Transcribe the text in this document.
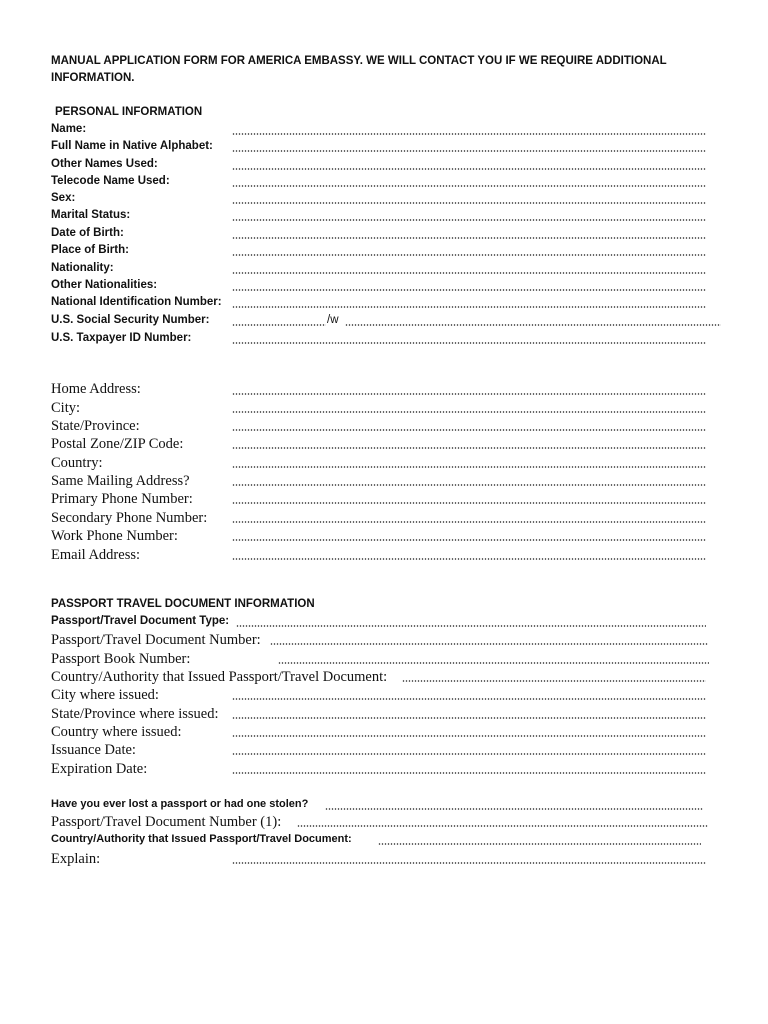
MANUAL APPLICATION FORM FOR AMERICA EMBASSY. WE WILL CONTACT YOU IF WE REQUIRE ADDITIONAL
INFORMATION.
PERSONAL INFORMATION
Name:
Full Name in Native Alphabet:
Other Names Used:
Telecode Name Used:
Sex:
Marital Status:
Date of Birth:
Place of Birth:
Nationality:
Other Nationalities:
National Identification Number:
U.S. Social Security Number:	/w
U.S. Taxpayer ID Number:
Home Address:
City:
State/Province:
Postal Zone/ZIP Code:
Country:
Same Mailing Address?
Primary Phone Number:
Secondary Phone Number:
Work Phone Number:
Email Address:
PASSPORT TRAVEL DOCUMENT INFORMATION
Passport/Travel Document Type:
Passport/Travel Document Number:
Passport Book Number:
Country/Authority that Issued Passport/Travel Document:
City where issued:
State/Province where issued:
Country where issued:
Issuance Date:
Expiration Date:
Have you ever lost a passport or had one stolen?
Passport/Travel Document Number (1):
Country/Authority that Issued Passport/Travel Document:
Explain:
